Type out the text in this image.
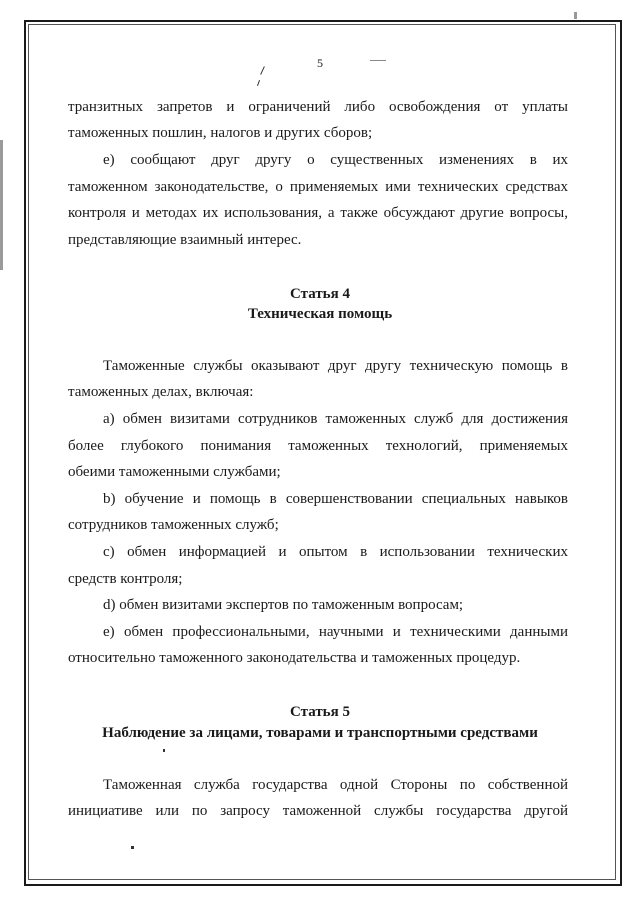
5

транзитных запретов и ограничений либо освобождения от уплаты

таможенных пошлин, налогов и других сборов;

е) сообщают друг другу о существенных изменениях в их

таможенном законодательстве, о применяемых ими технических средствах

контроля и методах их использования, а также обсуждают другие вопросы,

представляющие взаимный интерес.

Статья 4

Техническая помощь

Таможенные службы оказывают друг другу техническую помощь в

таможенных делах, включая:

а) обмен визитами сотрудников таможенных служб для достижения

более глубокого понимания таможенных технологий, применяемых

обеими таможенными службами;

b) обучение и помощь в совершенствовании специальных навыков

сотрудников таможенных служб;

с) обмен информацией и опытом в использовании технических

средств контроля;

d) обмен визитами экспертов по таможенным вопросам;

е) обмен профессиональными, научными и техническими данными

относительно таможенного законодательства и таможенных процедур.

Статья 5

Наблюдение за лицами, товарами и транспортными средствами

Таможенная служба государства одной Стороны по собственной

инициативе или по запросу таможенной службы государства другой
